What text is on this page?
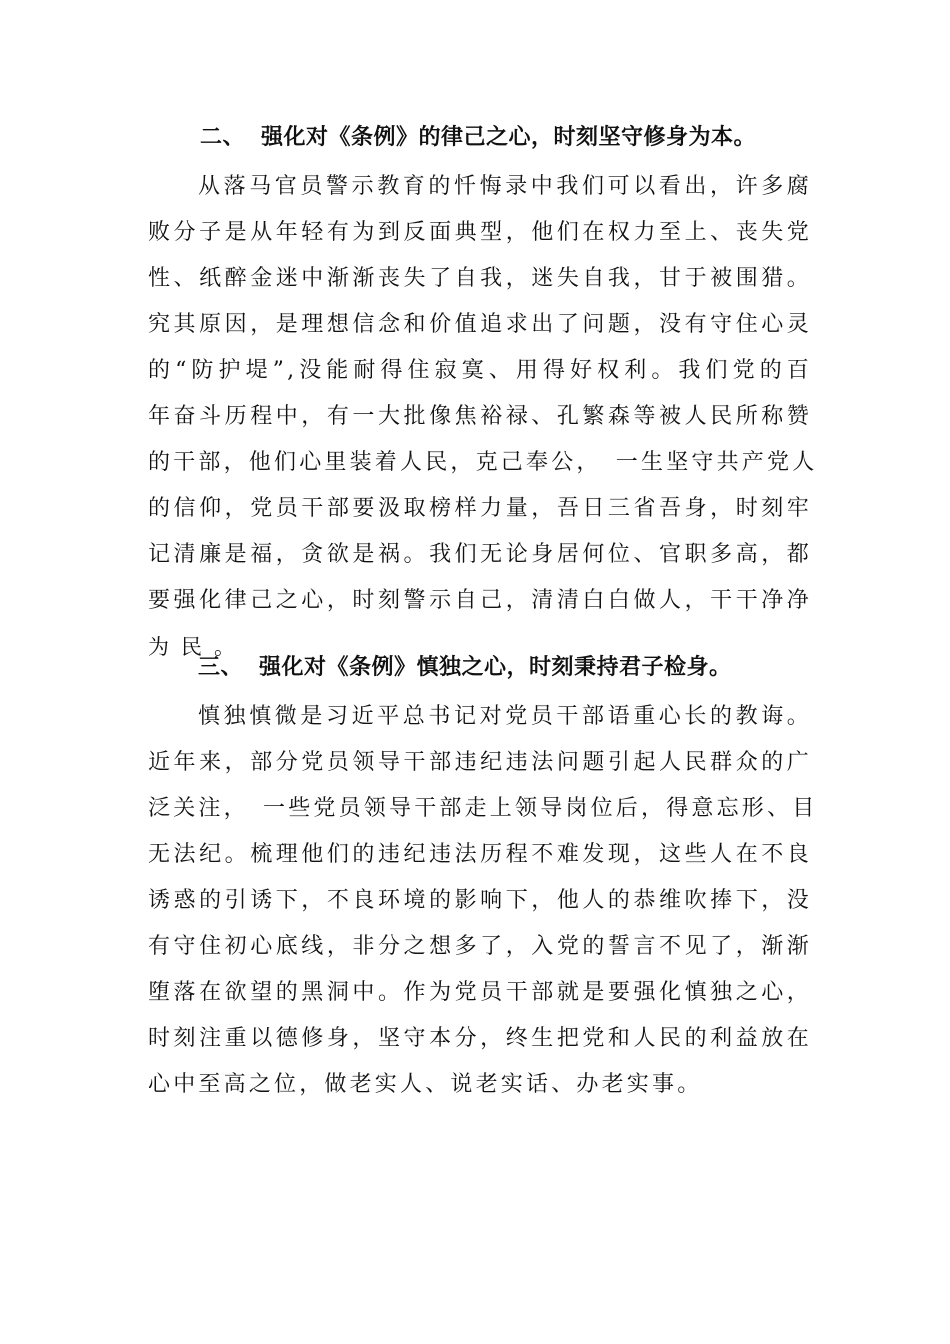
二、 强化对《条例》的律己之心，时刻坚守修身为本。
从落马官员警示教育的忏悔录中我们可以看出，许多腐
败分子是从年轻有为到反面典型，他们在权力至上、丧失党
性、纸醉金迷中渐渐丧失了自我，迷失自我，甘于被围猎。
究其原因，是理想信念和价值追求出了问题，没有守住心灵
的“防护堤”,没能耐得住寂寞、用得好权利。我们党的百
年奋斗历程中，有一大批像焦裕禄、孔繁森等被人民所称赞
的干部，他们心里装着人民，克己奉公，　一生坚守共产党人
的信仰，党员干部要汲取榜样力量，吾日三省吾身，时刻牢
记清廉是福，贪欲是祸。我们无论身居何位、官职多高，都
要强化律己之心，时刻警示自己，清清白白做人，干干净净
为民。
三、 强化对《条例》慎独之心，时刻秉持君子检身。
慎独慎微是习近平总书记对党员干部语重心长的教诲。
近年来，部分党员领导干部违纪违法问题引起人民群众的广
泛关注，　一些党员领导干部走上领导岗位后，得意忘形、目
无法纪。梳理他们的违纪违法历程不难发现，这些人在不良
诱惑的引诱下，不良环境的影响下，他人的恭维吹捧下，没
有守住初心底线，非分之想多了，入党的誓言不见了，渐渐
堕落在欲望的黑洞中。作为党员干部就是要强化慎独之心，
时刻注重以德修身，坚守本分，终生把党和人民的利益放在
心中至高之位，做老实人、说老实话、办老实事。
